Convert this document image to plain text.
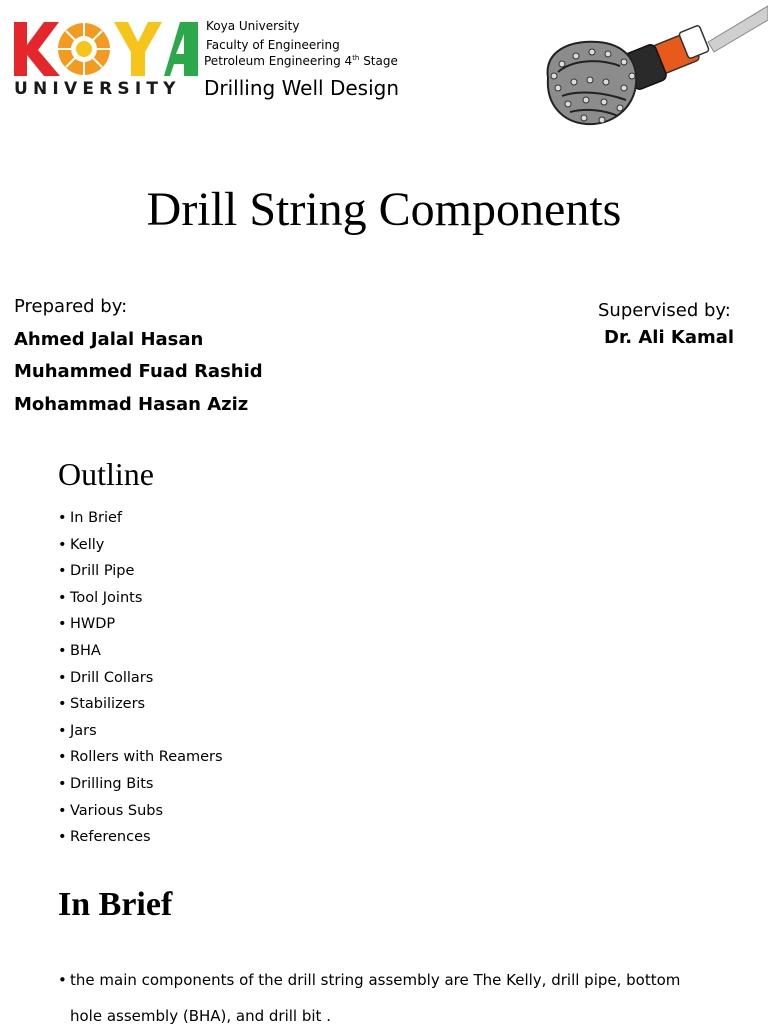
UNIVERSITY
Koya University
Faculty of Engineering
Petroleum Engineering 4th Stage
Drilling Well Design
Drill String Components
Prepared by:
Ahmed Jalal Hasan
Muhammed Fuad Rashid
Mohammad Hasan Aziz
Supervised by:
Dr. Ali Kamal
Outline
• In Brief
• Kelly
• Drill Pipe
• Tool Joints
• HWDP
• BHA
• Drill Collars
• Stabilizers
• Jars
• Rollers with Reamers
• Drilling Bits
• Various Subs
• References
In Brief
• the main components of the drill string assembly are The Kelly, drill pipe, bottom
hole assembly (BHA), and drill bit .
